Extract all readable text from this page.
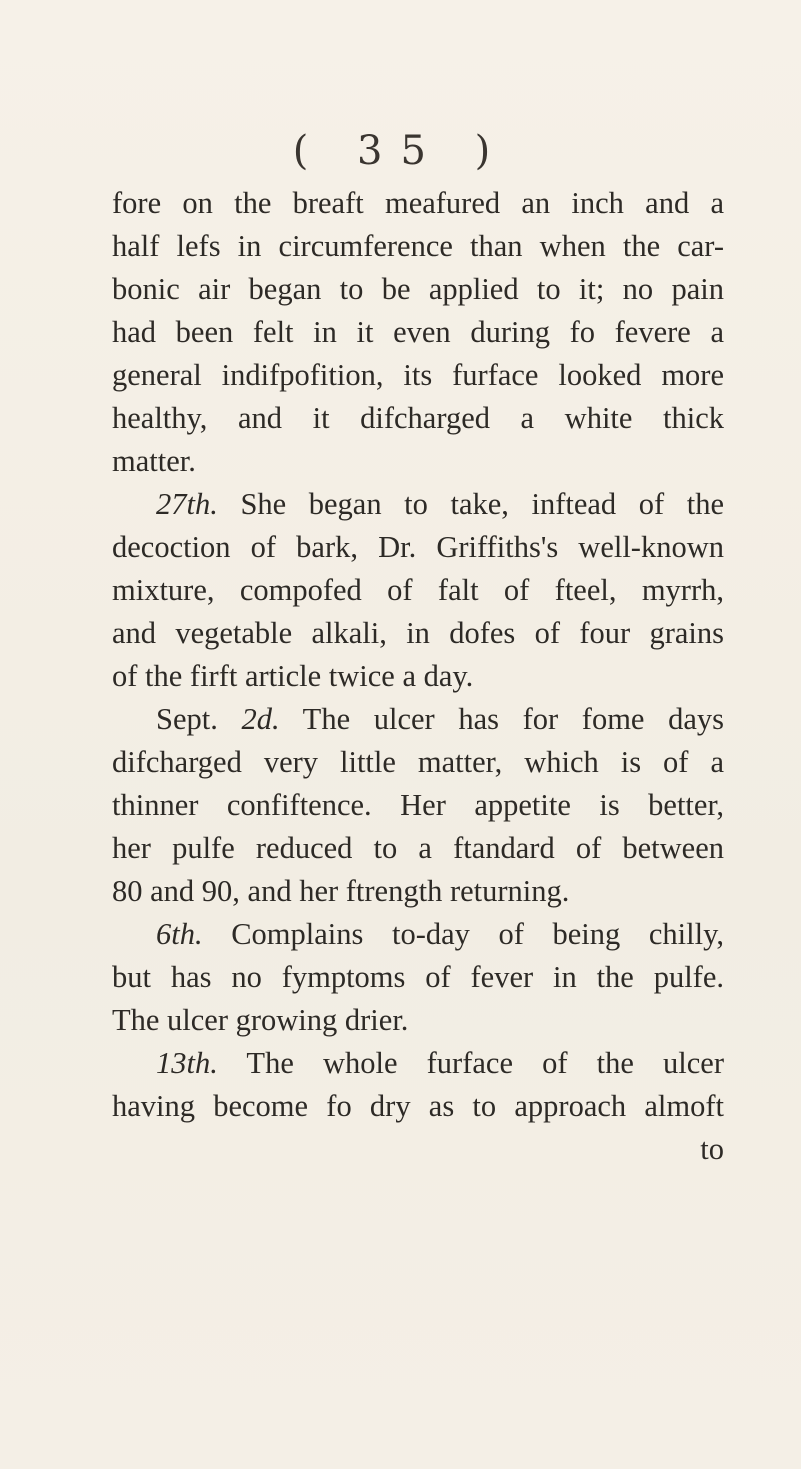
( 35 )
fore on the breaft meafured an inch and a
half lefs in circumference than when the car-
bonic air began to be applied to it; no pain
had been felt in it even during fo fevere a
general indifpofition, its furface looked more
healthy, and it difcharged a white thick
matter.
27th. She began to take, inftead of the
decoction of bark, Dr. Griffiths's well-known
mixture, compofed of falt of fteel, myrrh,
and vegetable alkali, in dofes of four grains
of the firft article twice a day.
Sept. 2d. The ulcer has for fome days
difcharged very little matter, which is of a
thinner confiftence. Her appetite is better,
her pulfe reduced to a ftandard of between
80 and 90, and her ftrength returning.
6th. Complains to-day of being chilly,
but has no fymptoms of fever in the pulfe.
The ulcer growing drier.
13th. The whole furface of the ulcer
having become fo dry as to approach almoft
to
